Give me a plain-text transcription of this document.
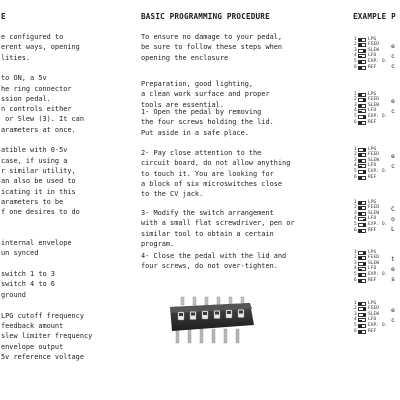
E
e configured to
erent ways, opening
lities.
to ON, a 5v
he ring connector
ssion pedal.
n controls either
or Slew (3). It can
arameters at once.
atible with 0-5v
case, if using a
r similar utility,
an also be used to
icating it in this
arameters to be
f one desires to do
internal envelope
un synced
switch 1 to 3
switch 4 to 6
ground
LPG cutoff frequency
feedback amount
slew limiter frequency
envelope output
5v reference voltage
BASIC PROGRAMMING PROCEDURE
To ensure no damage to your pedal,
be sure to follow these steps when
opening the enclosure
Preparation, good lighting,
a clean work surface and proper
tools are essential.
1- Open the pedal by removing
the four screws holding the lid.
Put aside in a safe place.
2- Pay close attention to the
circuit board, do not allow anything
to touch it. You are looking for
a block of six microswitches close
to the CV jack.
3- Modify the switch arrangement
with a small flat screwdriver, pen or
similar tool to obtain a certain
program.
4- Close the pedal with the lid and
four screws, do not over-tighten.
EXAMPLE P
1 LPG
2 FEED
3 SLEW
4 LFO
5 EXP. O.
6 REF
e
c
c
1 LPG
2 FEED
3 SLEW
4 LFO
5 EXP. O.
6 REF
e
c
1 LPG
2 FEED
3 SLEW
4 LFO
5 EXP. O.
6 REF
e
c
1 LPG
2 FEED
3 SLEW
4 LFO
5 EXP. O.
6 REF
C
o
L
1 LPG
2 FEED
3 SLEW
4 LFO
5 EXP. O.
6 REF
t
e
s
1 LPG
2 FEED
3 SLEW
4 LFO
5 EXP. O.
6 REF
e
c
